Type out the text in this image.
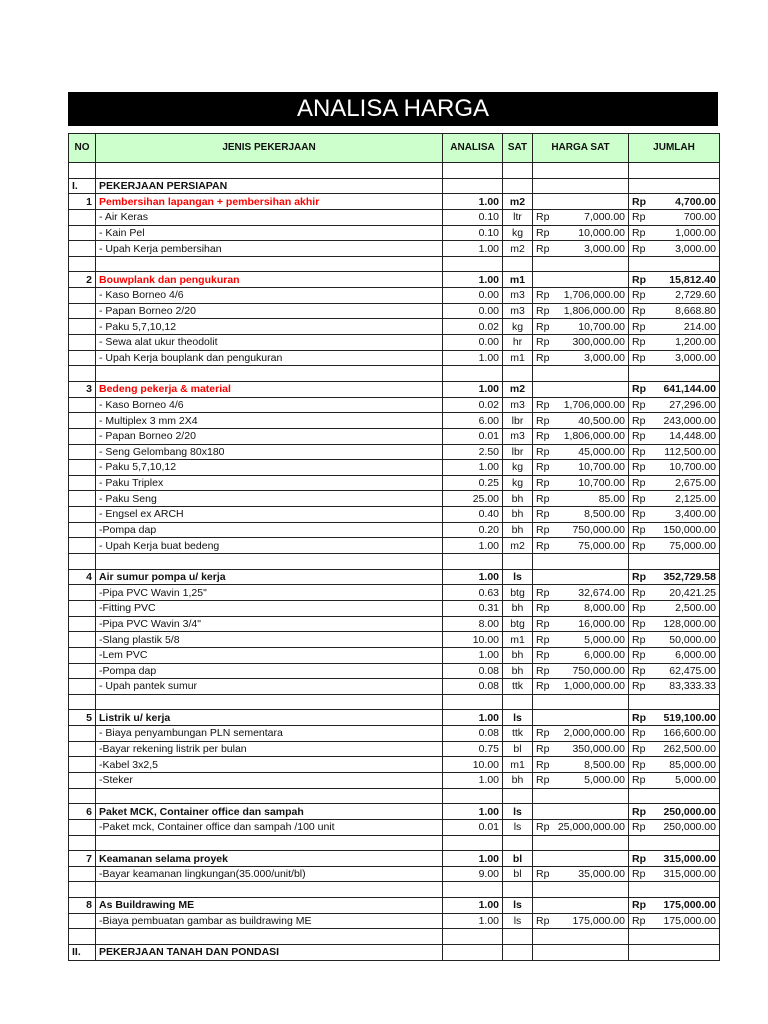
ANALISA HARGA
NO	JENIS PEKERJAAN	ANALISA	SAT	HARGA SAT	JUMLAH

I.	PEKERJAAN PERSIAPAN				
1	Pembersihan lapangan + pembersihan akhir	1.00	m2		Rp 4,700.00

	- Air Keras	0.10	ltr	Rp 7,000.00	Rp 700.00

	- Kain Pel	0.10	kg	Rp 10,000.00	Rp 1,000.00

	- Upah Kerja pembersihan	1.00	m2	Rp 3,000.00	Rp 3,000.00

2	Bouwplank dan pengukuran	1.00	m1		Rp 15,812.40

	- Kaso Borneo 4/6	0.00	m3	Rp 1,706,000.00	Rp 2,729.60

	- Papan Borneo 2/20	0.00	m3	Rp 1,806,000.00	Rp 8,668.80

	- Paku 5,7,10,12	0.02	kg	Rp 10,700.00	Rp 214.00

	- Sewa alat ukur theodolit	0.00	hr	Rp 300,000.00	Rp 1,200.00

	- Upah Kerja bouplank dan pengukuran	1.00	m1	Rp 3,000.00	Rp 3,000.00

3	Bedeng pekerja & material	1.00	m2		Rp 641,144.00

	- Kaso Borneo 4/6	0.02	m3	Rp 1,706,000.00	Rp 27,296.00

	- Multiplex 3 mm 2X4	6.00	lbr	Rp 40,500.00	Rp 243,000.00

	- Papan Borneo 2/20	0.01	m3	Rp 1,806,000.00	Rp 14,448.00

	- Seng Gelombang 80x180	2.50	lbr	Rp 45,000.00	Rp 112,500.00

	- Paku 5,7,10,12	1.00	kg	Rp 10,700.00	Rp 10,700.00

	- Paku Triplex	0.25	kg	Rp 10,700.00	Rp 2,675.00

	- Paku Seng	25.00	bh	Rp 85.00	Rp 2,125.00

	- Engsel ex ARCH	0.40	bh	Rp 8,500.00	Rp 3,400.00

	-Pompa dap	0.20	bh	Rp 750,000.00	Rp 150,000.00

	- Upah Kerja buat bedeng	1.00	m2	Rp 75,000.00	Rp 75,000.00

4	Air sumur pompa u/ kerja	1.00	ls		Rp 352,729.58

	-Pipa PVC Wavin 1,25"	0.63	btg	Rp 32,674.00	Rp 20,421.25

	-Fitting PVC	0.31	bh	Rp 8,000.00	Rp 2,500.00

	-Pipa PVC Wavin 3/4"	8.00	btg	Rp 16,000.00	Rp 128,000.00

	-Slang plastik 5/8	10.00	m1	Rp 5,000.00	Rp 50,000.00

	-Lem PVC	1.00	bh	Rp 6,000.00	Rp 6,000.00

	-Pompa dap	0.08	bh	Rp 750,000.00	Rp 62,475.00

	- Upah pantek sumur	0.08	ttk	Rp 1,000,000.00	Rp 83,333.33

5	Listrik u/ kerja	1.00	ls		Rp 519,100.00

	- Biaya penyambungan PLN sementara	0.08	ttk	Rp 2,000,000.00	Rp 166,600.00

	-Bayar rekening listrik per bulan	0.75	bl	Rp 350,000.00	Rp 262,500.00

	-Kabel 3x2,5	10.00	m1	Rp 8,500.00	Rp 85,000.00

	-Steker	1.00	bh	Rp 5,000.00	Rp 5,000.00

6	Paket MCK, Container office dan sampah	1.00	ls		Rp 250,000.00

	-Paket mck, Container office dan sampah /100 unit	0.01	ls	Rp 25,000,000.00	Rp 250,000.00

7	Keamanan selama proyek	1.00	bl		Rp 315,000.00

	-Bayar keamanan lingkungan(35.000/unit/bl)	9.00	bl	Rp 35,000.00	Rp 315,000.00

8	As Buildrawing ME	1.00	ls		Rp 175,000.00

	-Biaya pembuatan gambar as buildrawing ME	1.00	ls	Rp 175,000.00	Rp 175,000.00

II.	PEKERJAAN TANAH DAN PONDASI				
